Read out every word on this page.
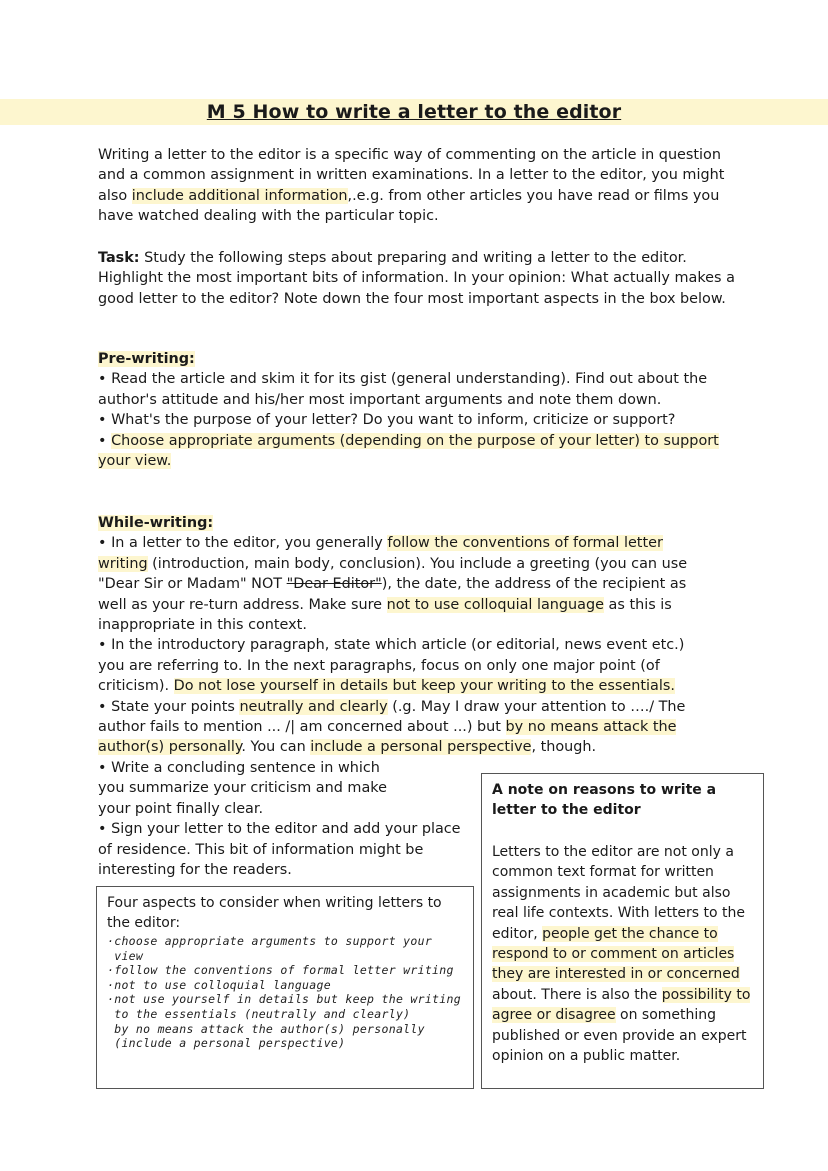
M 5 How to write a letter to the editor
Writing a letter to the editor is a specific way of commenting on the article in question and a common assignment in written examinations. In a letter to the editor, you might also include additional information,.e.g. from other articles you have read or films you have watched dealing with the particular topic.
Task: Study the following steps about preparing and writing a letter to the editor. Highlight the most important bits of information. In your opinion: What actually makes a good letter to the editor? Note down the four most important aspects in the box below.
Pre-writing:
• Read the article and skim it for its gist (general understanding). Find out about the author's attitude and his/her most important arguments and note them down.
• What's the purpose of your letter? Do you want to inform, criticize or support?
• Choose appropriate arguments (depending on the purpose of your letter) to support your view.
While-writing:
• In a letter to the editor, you generally follow the conventions of formal letter writing (introduction, main body, conclusion). You include a greeting (you can use "Dear Sir or Madam" NOT "Dear Editor"), the date, the address of the recipient as well as your re-turn address. Make sure not to use colloquial language as this is inappropriate in this context.
• In the introductory paragraph, state which article (or editorial, news event etc.) you are referring to. In the next paragraphs, focus on only one major point (of criticism). Do not lose yourself in details but keep your writing to the essentials.
• State your points neutrally and clearly (.g. May I draw your attention to …./ The author fails to mention ... /| am concerned about ...) but by no means attack the author(s) personally. You can include a personal perspective, though.
• Write a concluding sentence in which you summarize your criticism and make your point finally clear.
• Sign your letter to the editor and add your place of residence. This bit of information might be interesting for the readers.
Four aspects to consider when writing letters to the editor:
·choose appropriate arguments to support your
view
·follow the conventions of formal letter writing
·not to use colloquial language
·not use yourself in details but keep the writing
to the essentials (neutrally and clearly)
by no means attack the author(s) personally
(include a personal perspective)
A note on reasons to write a letter to the editor
Letters to the editor are not only a common text format for written assignments in academic but also real life contexts. With letters to the editor, people get the chance to respond to or comment on articles they are interested in or concerned about. There is also the possibility to agree or disagree on something published or even provide an expert opinion on a public matter.
